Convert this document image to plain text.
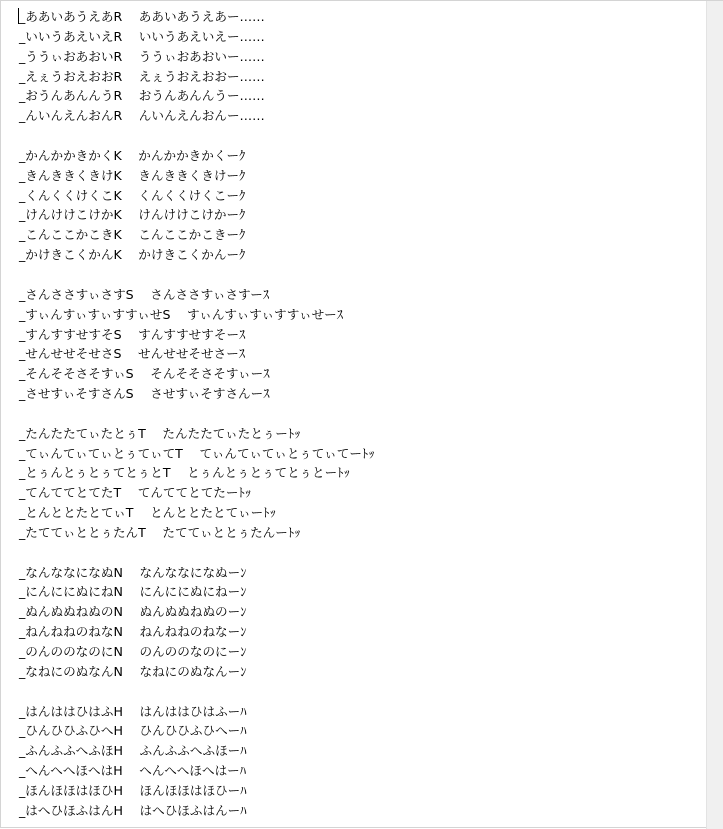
_ああいあうえあR　 ああいあうえあー……
_いいうあえいえR　 いいうあえいえー……
_ううぃおあおいR　 ううぃおあおいー……
_えぇうおえおおR　 えぇうおえおおー……
_おうんあんんうR　 おうんあんんうー……
_んいんえんおんR　 んいんえんおんー……

_かんかかきかくK　 かんかかきかくーｸ
_きんききくきけK　 きんききくきけーｸ
_くんくくけくこK　 くんくくけくこーｸ
_けんけけこけかK　 けんけけこけかーｸ
_こんここかこきK　 こんここかこきーｸ
_かけきこくかんK　 かけきこくかんーｸ

_さんささすぃさすS　 さんささすぃさすーｽ
_すぃんすぃすぃすすぃせS　 すぃんすぃすぃすすぃせーｽ
_すんすすせすそS　 すんすすせすそーｽ
_せんせせそせさS　 せんせせそせさーｽ
_そんそそさそすぃS　 そんそそさそすぃーｽ
_させすぃそすさんS　 させすぃそすさんーｽ

_たんたたてぃたとぅT　 たんたたてぃたとぅーﾄｯ
_てぃんてぃてぃとぅてぃてT　 てぃんてぃてぃとぅてぃてーﾄｯ
_とぅんとぅとぅてとぅとT　 とぅんとぅとぅてとぅとーﾄｯ
_てんててとてたT　 てんててとてたーﾄｯ
_とんととたとてぃT　 とんととたとてぃーﾄｯ
_たててぃととぅたんT　 たててぃととぅたんーﾄｯ

_なんななになぬN　 なんななになぬーﾝ
_にんににぬにねN　 にんににぬにねーﾝ
_ぬんぬぬねぬのN　 ぬんぬぬねぬのーﾝ
_ねんねねのねなN　 ねんねねのねなーﾝ
_のんののなのにN　 のんののなのにーﾝ
_なねにのぬなんN　 なねにのぬなんーﾝ

_はんははひはふH　 はんははひはふーﾊ
_ひんひひふひへH　 ひんひひふひへーﾊ
_ふんふふへふほH　 ふんふふへふほーﾊ
_へんへへほへはH　 へんへへほへはーﾊ
_ほんほほはほひH　 ほんほほはほひーﾊ
_はへひほふはんH　 はへひほふはんーﾊ
